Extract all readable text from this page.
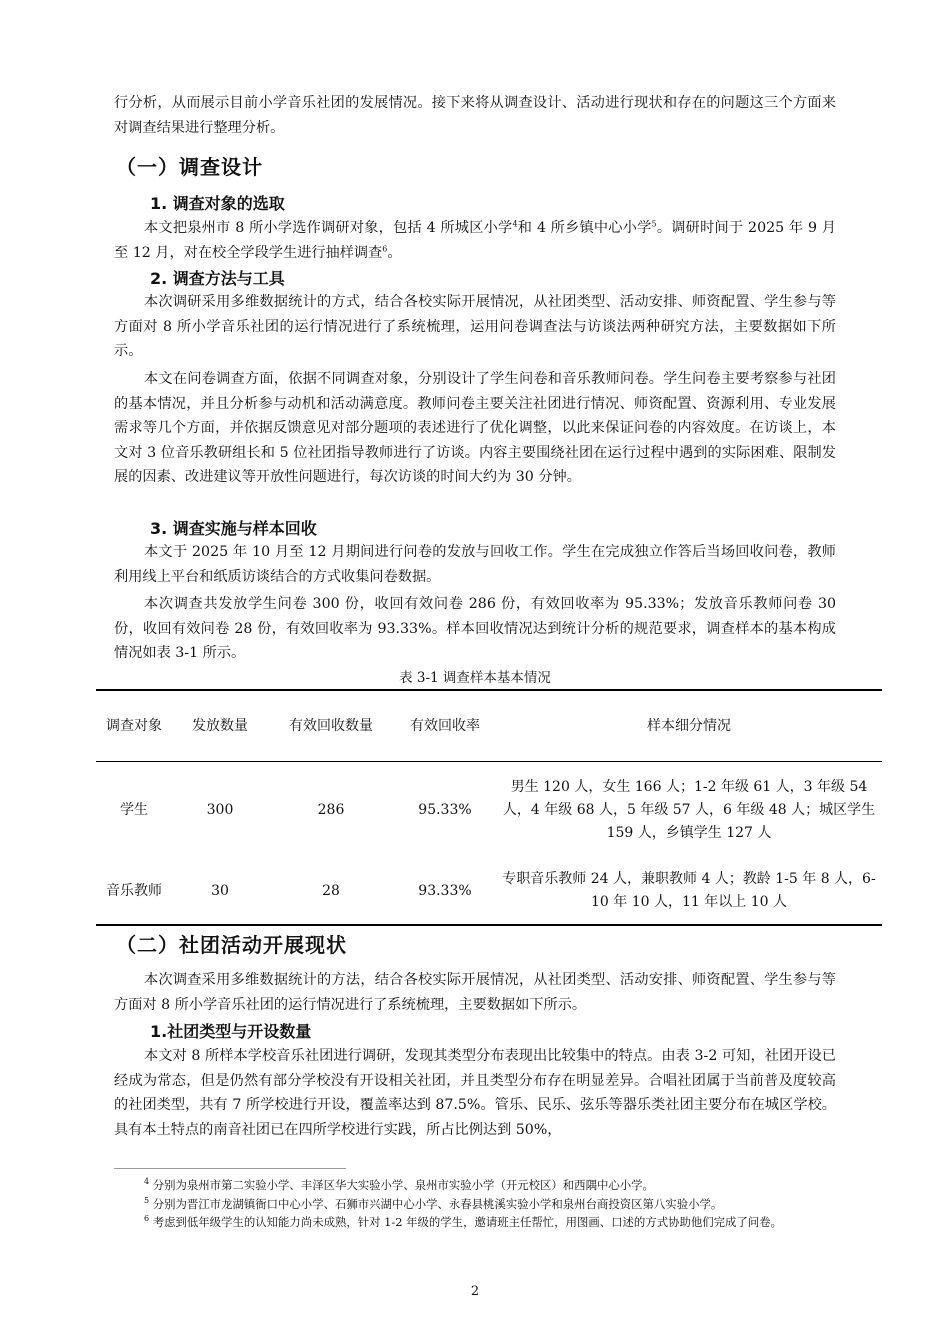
行分析，从而展示目前小学音乐社团的发展情况。接下来将从调查设计、活动进行现状和存在的问题这三个方面来对调查结果进行整理分析。
（一）调查设计
1. 调查对象的选取
本文把泉州市 8 所小学选作调研对象，包括 4 所城区小学$^4$和 4 所乡镇中心小学$^5$。调研时间于 2025 年 9 月至 12 月，对在校全学段学生进行抽样调查$^6$。
2. 调查方法与工具
本次调研采用多维数据统计的方式，结合各校实际开展情况，从社团类型、活动安排、师资配置、学生参与等方面对 8 所小学音乐社团的运行情况进行了系统梳理，运用问卷调查法与访谈法两种研究方法，主要数据如下所示。
本文在问卷调查方面，依据不同调查对象，分别设计了学生问卷和音乐教师问卷。学生问卷主要考察参与社团的基本情况，并且分析参与动机和活动满意度。教师问卷主要关注社团进行情况、师资配置、资源利用、专业发展需求等几个方面，并依据反馈意见对部分题项的表述进行了优化调整，以此来保证问卷的内容效度。在访谈上，本文对 3 位音乐教研组长和 5 位社团指导教师进行了访谈。内容主要围绕社团在运行过程中遇到的实际困难、限制发展的因素、改进建议等开放性问题进行，每次访谈的时间大约为 30 分钟。
3. 调查实施与样本回收
本文于 2025 年 10 月至 12 月期间进行问卷的发放与回收工作。学生在完成独立作答后当场回收问卷，教师利用线上平台和纸质访谈结合的方式收集问卷数据。
本次调查共发放学生问卷 300 份，收回有效问卷 286 份，有效回收率为 95.33%；发放音乐教师问卷 30 份，收回有效问卷 28 份，有效回收率为 93.33%。样本回收情况达到统计分析的规范要求，调查样本的基本构成情况如表 3-1 所示。
表 3-1 调查样本基本情况
调查对象	发放数量	有效回收数量	有效回收率	样本细分情况
学生	300	286	95.33%	男生 120 人，女生 166 人；1-2 年级 61 人，3 年级 54 人，4 年级 68 人，5 年级 57 人，6 年级 48 人；城区学生 159 人，乡镇学生 127 人
音乐教师	30	28	93.33%	专职音乐教师 24 人，兼职教师 4 人；教龄 1-5 年 8 人，6-10 年 10 人，11 年以上 10 人
（二）社团活动开展现状
本次调查采用多维数据统计的方法，结合各校实际开展情况，从社团类型、活动安排、师资配置、学生参与等方面对 8 所小学音乐社团的运行情况进行了系统梳理，主要数据如下所示。
1.社团类型与开设数量
本文对 8 所样本学校音乐社团进行调研，发现其类型分布表现出比较集中的特点。由表 3-2 可知，社团开设已经成为常态，但是仍然有部分学校没有开设相关社团，并且类型分布存在明显差异。合唱社团属于当前普及度较高的社团类型，共有 7 所学校进行开设，覆盖率达到 87.5%。管乐、民乐、弦乐等器乐类社团主要分布在城区学校。具有本土特点的南音社团已在四所学校进行实践，所占比例达到 50%，
$^4$ 分别为泉州市第二实验小学、丰泽区华大实验小学、泉州市实验小学（开元校区）和西隅中心小学。
$^5$ 分别为晋江市龙湖镇衙口中心小学、石狮市兴湖中心小学、永春县桃溪实验小学和泉州台商投资区第八实验小学。
$^6$ 考虑到低年级学生的认知能力尚未成熟，针对 1-2 年级的学生，邀请班主任帮忙，用图画、口述的方式协助他们完成了问卷。
2
